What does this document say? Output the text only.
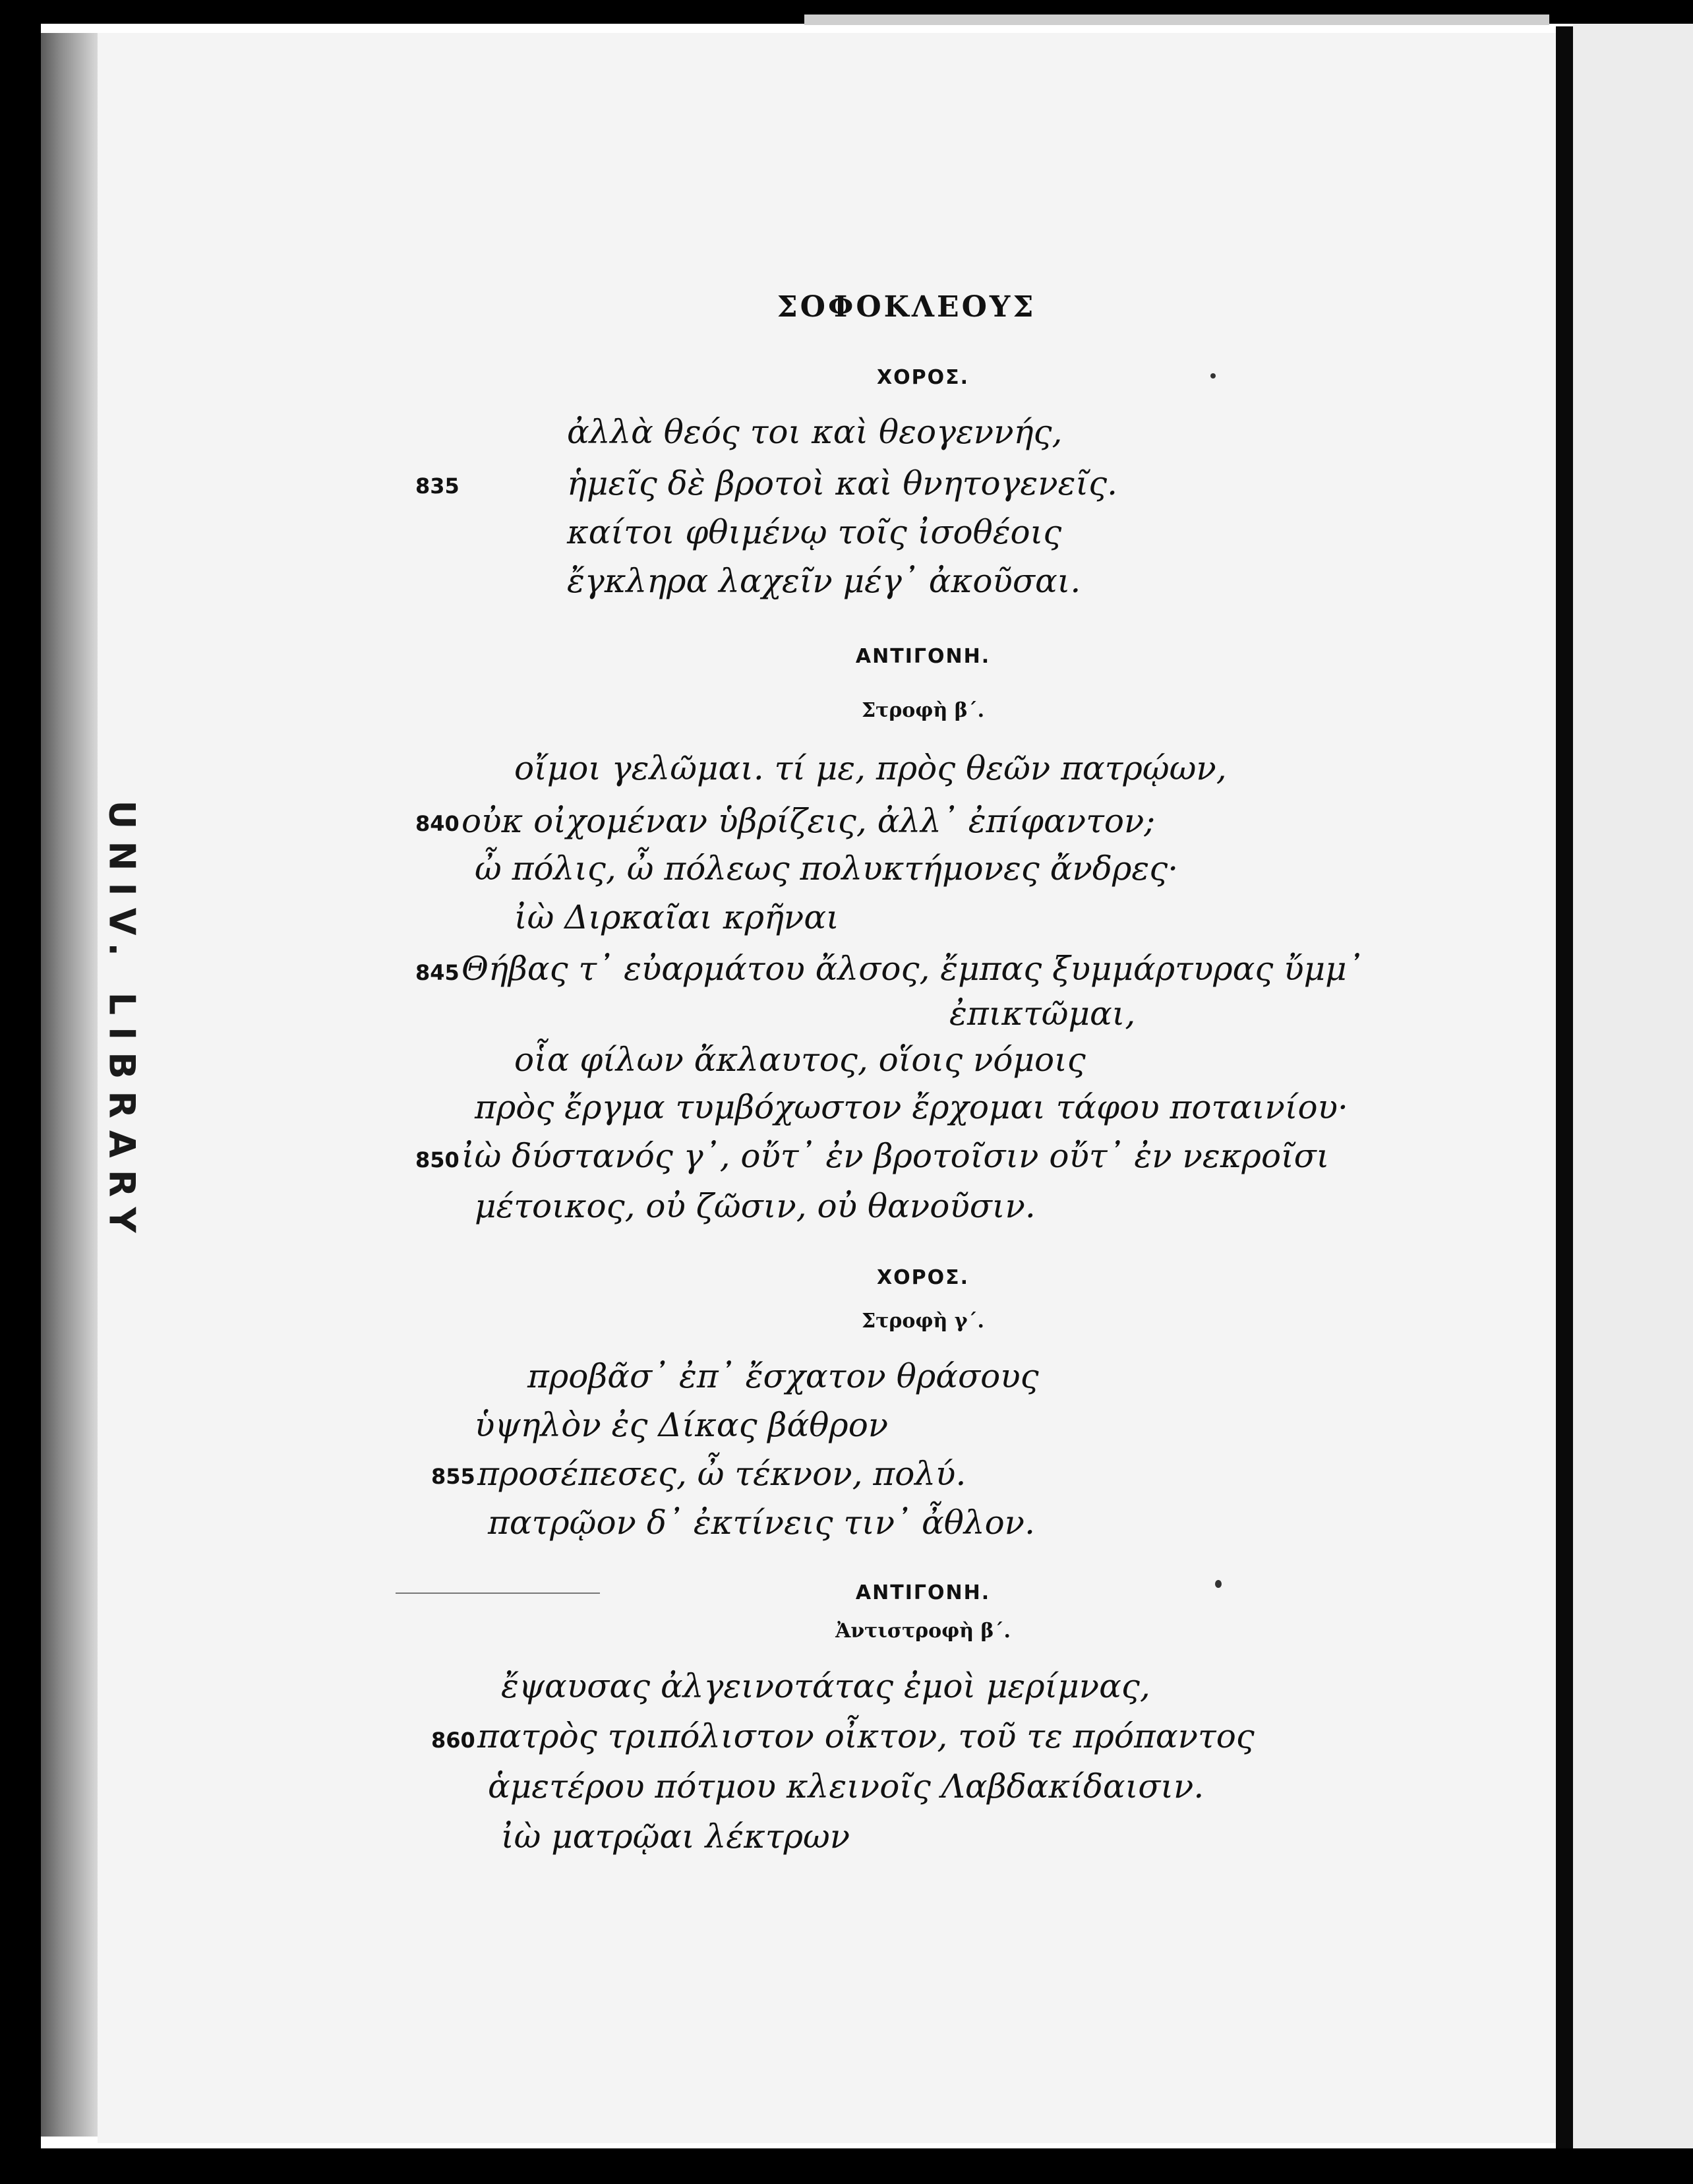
UNIV. LIBRARY
ΣΟΦΟΚΛΕΟΥΣ
ΧΟΡΟΣ.
ἀλλὰ θεός τοι καὶ θεογεννής,
ἡμεῖς δὲ βροτοὶ καὶ θνητογενεῖς.
835
καίτοι φθιμένῳ τοῖς ἰσοθέοις
ἔγκληρα λαχεῖν μέγ᾽ ἀκοῦσαι.
ΑΝΤΙΓΟΝΗ.
Στροφὴ β΄.
οἴμοι γελῶμαι. τί με, πρὸς θεῶν πατρῴων,
840 οὐκ οἰχομέναν ὑβρίζεις, ἀλλ᾽ ἐπίφαντον;
ὦ πόλις, ὦ πόλεως πολυκτήμονες ἄνδρες·
ἰὼ Διρκαῖαι κρῆναι
845 Θήβας τ᾽ εὐαρμάτου ἄλσος, ἔμπας ξυμμάρτυρας ὔμμ᾽
ἐπικτῶμαι,
οἷα φίλων ἄκλαυτος, οἵοις νόμοις
πρὸς ἔργμα τυμβόχωστον ἔρχομαι τάφου ποταινίου·
850 ἰὼ δύστανός γ᾽, οὔτ᾽ ἐν βροτοῖσιν οὔτ᾽ ἐν νεκροῖσι
μέτοικος, οὐ ζῶσιν, οὐ θανοῦσιν.
ΧΟΡΟΣ.
Στροφὴ γ΄.
προβᾶσ᾽ ἐπ᾽ ἔσχατον θράσους
ὑψηλὸν ἐς Δίκας βάθρον
855 προσέπεσες, ὦ τέκνον, πολύ.
πατρῷον δ᾽ ἐκτίνεις τιν᾽ ἆθλον.
ΑΝΤΙΓΟΝΗ.
Ἀντιστροφὴ β΄.
ἔψαυσας ἀλγεινοτάτας ἐμοὶ μερίμνας,
860 πατρὸς τριπόλιστον οἶκτον, τοῦ τε πρόπαντος
ἁμετέρου πότμου κλεινοῖς Λαβδακίδαισιν.
ἰὼ ματρῷαι λέκτρων
